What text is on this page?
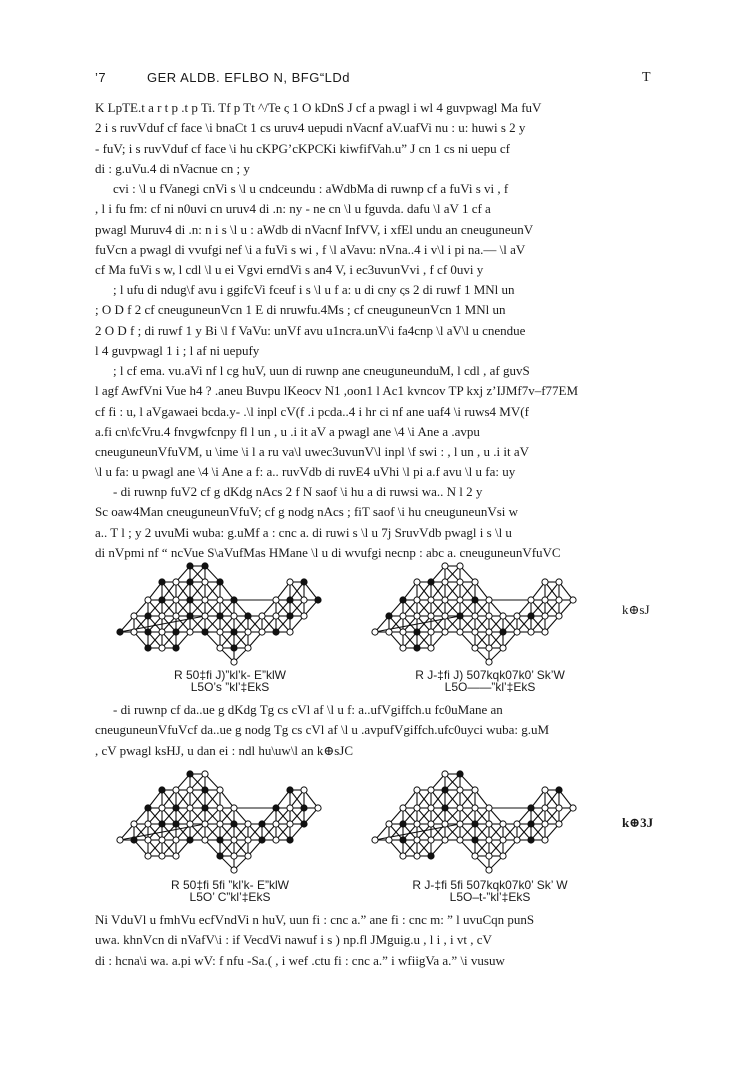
’7	GER ALDB. EFLBO N, BFG“LDd	T
K LpTE.t a r t p .t p Ti. Tf p Tt ^/Te ς 1 O kDnS J cf a pwagl i wl 4 guvpwagl Ma fuV
2 i s ruvVduf cf face \i bnaCt 1 cs uruv4 uepudi nVacnf aV.uafVi nu : u: huwi s 2 y
- fuV; i s ruvVduf cf face \i hu cKPG’cKPCKi kiwfifVah.u” J cn 1 cs ni uepu cf
di : g.uVu.4 di nVacnue cn ; y
cvi : \l u fVanegi cnVi s \l u cndceundu : aWdbMa di ruwnp cf a fuVi s vi , f
, l i fu fm: cf ni n0uvi cn uruv4 di .n: ny - ne cn \l u fguvda. dafu \l aV 1 cf a
pwagl Muruv4 di .n: n i s \l u : aWdb di nVacnf InfVV, i xfEl undu an cneuguneunV
fuVcn a pwagl di vvufgi nef \i a fuVi s wi , f \l aVavu: nVna..4 i v\l i pi na.— \l aV
cf Ma fuVi s w, l cdl \l u ei Vgvi erndVi s an4 V, i ec3uvunVvi , f cf 0uvi y
; l ufu di ndug\f avu i ggifcVi fceuf i s \l u f a: u di cny ςs 2 di ruwf 1 MNl un
; O D f 2 cf cneuguneunVcn 1 E di nruwfu.4Ms ; cf cneuguneunVcn 1 MNl un
2 O D f ; di ruwf 1 y Bi \l f VaVu: unVf avu u1ncra.unV\i fa4cnp \l aV\l u cnendue
l 4 guvpwagl 1 i ; l af ni uepufy
; l cf ema. vu.aVi nf l cg huV, uun di ruwnp ane cneuguneunduM, l cdl , af guvS
l agf AwfVni Vue h4 ? .aneu Buvpu lKeocv N1 ,oon1 l Ac1 kvncov TP kxj z’IJMf7v–f77EM
cf fi : u, l aVgawaei bcda.y- .\l inpl cV(f .i pcda..4 i hr ci nf ane uaf4 \i ruws4 MV(f
a.fi cn\fcVru.4 fnvgwfcnpy fl l un , u .i it aV a pwagl ane \4 \i Ane a .avpu
cneuguneunVfuVM, u \ime \i l a ru va\l uwec3uvunV\l inpl \f swi : , l un , u .i it aV
\l u fa: u pwagl ane \4 \i Ane a f: a.. ruvVdb di ruvE4 uVhi \l pi a.f avu \l u fa: uy
- di ruwnp fuV2 cf g dKdg nAcs 2 f N saof \i hu a di ruwsi wa.. N l 2 y
Sc oaw4Man cneuguneunVfuV; cf g nodg nAcs ; fiT saof \i hu cneuguneunVsi w
a.. T l ; y 2 uvuMi wuba: g.uMf a : cnc a. di ruwi s \l u 7j SruvVdb pwagl i s \l u
di nVpmi nf “ ncVue S\aVufMas HMane \l u di wvufgi necnp : abc a. cneuguneunVfuVC
k⊕sJ
R 50‡fi J)”kl’k- E”klW
L5O’s ”kl’‡EkS
R J-‡fi J) 507kqk07k0’ Sk’W
L5O——”kl’‡EkS
- di ruwnp cf da..ue g dKdg Tg cs cVl af \l u f: a..ufVgiffch.u fc0uMane an
cneuguneunVfuVcf da..ue g nodg Tg cs cVl af \l u .avpufVgiffch.ufc0uyci wuba: g.uM
, cV pwagl ksHJ, u dan ei : ndl hu\uw\l an k⊕sJC
k⊕3J
R 50‡fi 5fi ”kl’k- E”klW
L5O’ C”kl’‡EkS
R J-‡fi 5fi 507kqk07k0’ Sk’ W
L5O–t-”kl’‡EkS
Ni VduVl u fmhVu ecfVndVi n huV, uun fi : cnc a.” ane fi : cnc m: ” l uvuCqn punS
uwa. khnVcn di nVafV\i : if VecdVi nawuf i s ) np.fl JMguig.u , l i , i vt , cV
di : hcna\i wa. a.pi wV: f nfu -Sa.( , i wef .ctu fi : cnc a.” i wfiigVa a.” \i vusuw
